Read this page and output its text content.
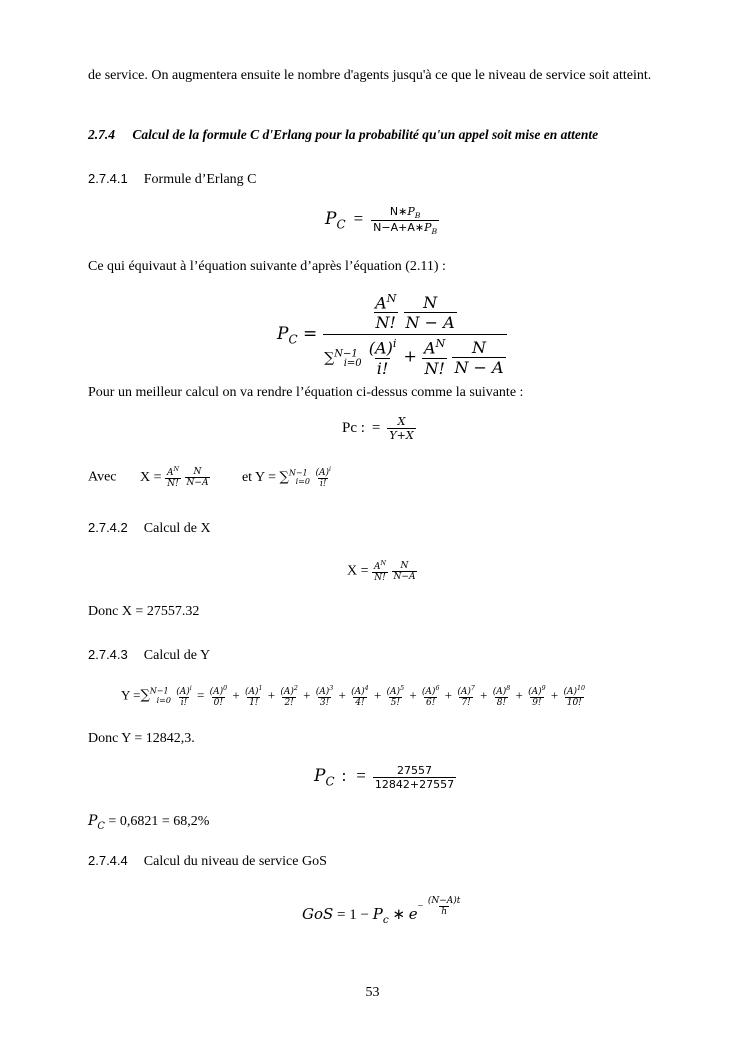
de service. On augmentera ensuite le nombre d'agents jusqu'à ce que le niveau de service soit atteint.
2.7.4 Calcul de la formule C d'Erlang pour la probabilité qu'un appel soit mise en attente
2.7.4.1 Formule d’Erlang C
$P_C = \frac{N∗P_B}{N-A+A∗P_B}$
Ce qui équivaut à l’équation suivante d’après l’équation (2.11) :
$P_C$ =	
$\frac{A^N}{N!}$
$\frac{N}{N - A}$

$\sum^{N-1}_{i=0} \frac{(A)^i}{i!} + \frac{A^N}{N!}$
$\frac{N}{N - A}$
Pour un meilleur calcul on va rendre l’équation ci-dessus comme la suivante :
Pc : = $\frac{X}{Y+X}$
Avec $X = \frac{A^N}{N!}$
$\frac{N}{N-A}$ et $Y = \sum^{N-1}_{i=0} \frac{(A)^i}{i!}$
2.7.4.2 Calcul de X
$X = \frac{A^N}{N!}$
$\frac{N}{N-A}$
Donc X = 27557.32
2.7.4.3 Calcul de Y
$Y =\sum^{N-1}_{i=0} \frac{(A)^i}{i!} = \frac{(A)^0}{0!} + \frac{(A)^1}{1!} + \frac{(A)^2}{2!} + \frac{(A)^3}{3!} + \frac{(A)^4}{4!} + \frac{(A)^5}{5!} + \frac{(A)^6}{6!} + \frac{(A)^7}{7!} + \frac{(A)^8}{8!} + \frac{(A)^9}{9!} + \frac{(A)^{10}}{10!}$
Donc Y = 12842,3.
$P_C$ : = $\frac{27557}{12842+27557}$
$P_C = 0,6821 = 68,2\%$
2.7.4.4 Calcul du niveau de service GoS
GoS = $1 - P_c$ ∗ $e^{- \frac{(N-A)t}{h}}$
53
